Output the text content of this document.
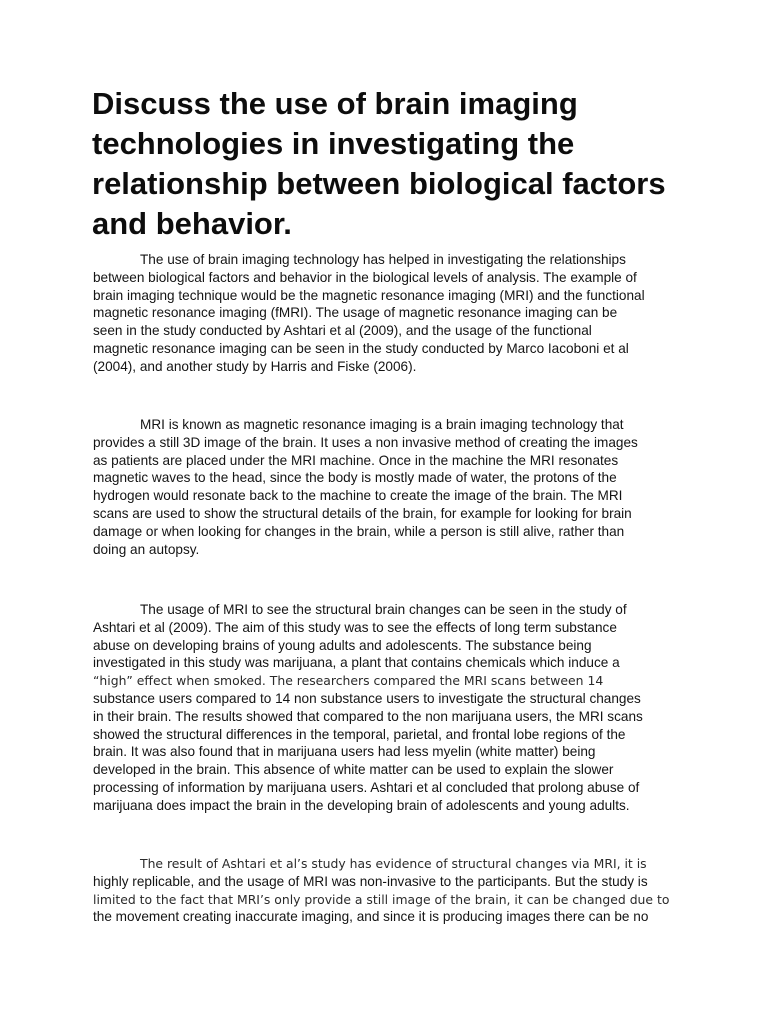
Discuss the use of brain imaging
technologies in investigating the
relationship between biological factors
and behavior.

The use of brain imaging technology has helped in investigating the relationships
between biological factors and behavior in the biological levels of analysis. The example of
brain imaging technique would be the magnetic resonance imaging (MRI) and the functional
magnetic resonance imaging (fMRI). The usage of magnetic resonance imaging can be
seen in the study conducted by Ashtari et al (2009), and the usage of the functional
magnetic resonance imaging can be seen in the study conducted by Marco Iacoboni et al
(2004), and another study by Harris and Fiske (2006).

MRI is known as magnetic resonance imaging is a brain imaging technology that
provides a still 3D image of the brain. It uses a non invasive method of creating the images
as patients are placed under the MRI machine. Once in the machine the MRI resonates
magnetic waves to the head, since the body is mostly made of water, the protons of the
hydrogen would resonate back to the machine to create the image of the brain. The MRI
scans are used to show the structural details of the brain, for example for looking for brain
damage or when looking for changes in the brain, while a person is still alive, rather than
doing an autopsy.

The usage of MRI to see the structural brain changes can be seen in the study of
Ashtari et al (2009). The aim of this study was to see the effects of long term substance
abuse on developing brains of young adults and adolescents. The substance being
investigated in this study was marijuana, a plant that contains chemicals which induce a
“high” effect when smoked. The researchers compared the MRI scans between 14
substance users compared to 14 non substance users to investigate the structural changes
in their brain. The results showed that compared to the non marijuana users, the MRI scans
showed the structural differences in the temporal, parietal, and frontal lobe regions of the
brain. It was also found that in marijuana users had less myelin (white matter) being
developed in the brain. This absence of white matter can be used to explain the slower
processing of information by marijuana users. Ashtari et al concluded that prolong abuse of
marijuana does impact the brain in the developing brain of adolescents and young adults.

The result of Ashtari et al’s study has evidence of structural changes via MRI, it is
highly replicable, and the usage of MRI was non-invasive to the participants. But the study is
limited to the fact that MRI’s only provide a still image of the brain, it can be changed due to
the movement creating inaccurate imaging, and since it is producing images there can be no
